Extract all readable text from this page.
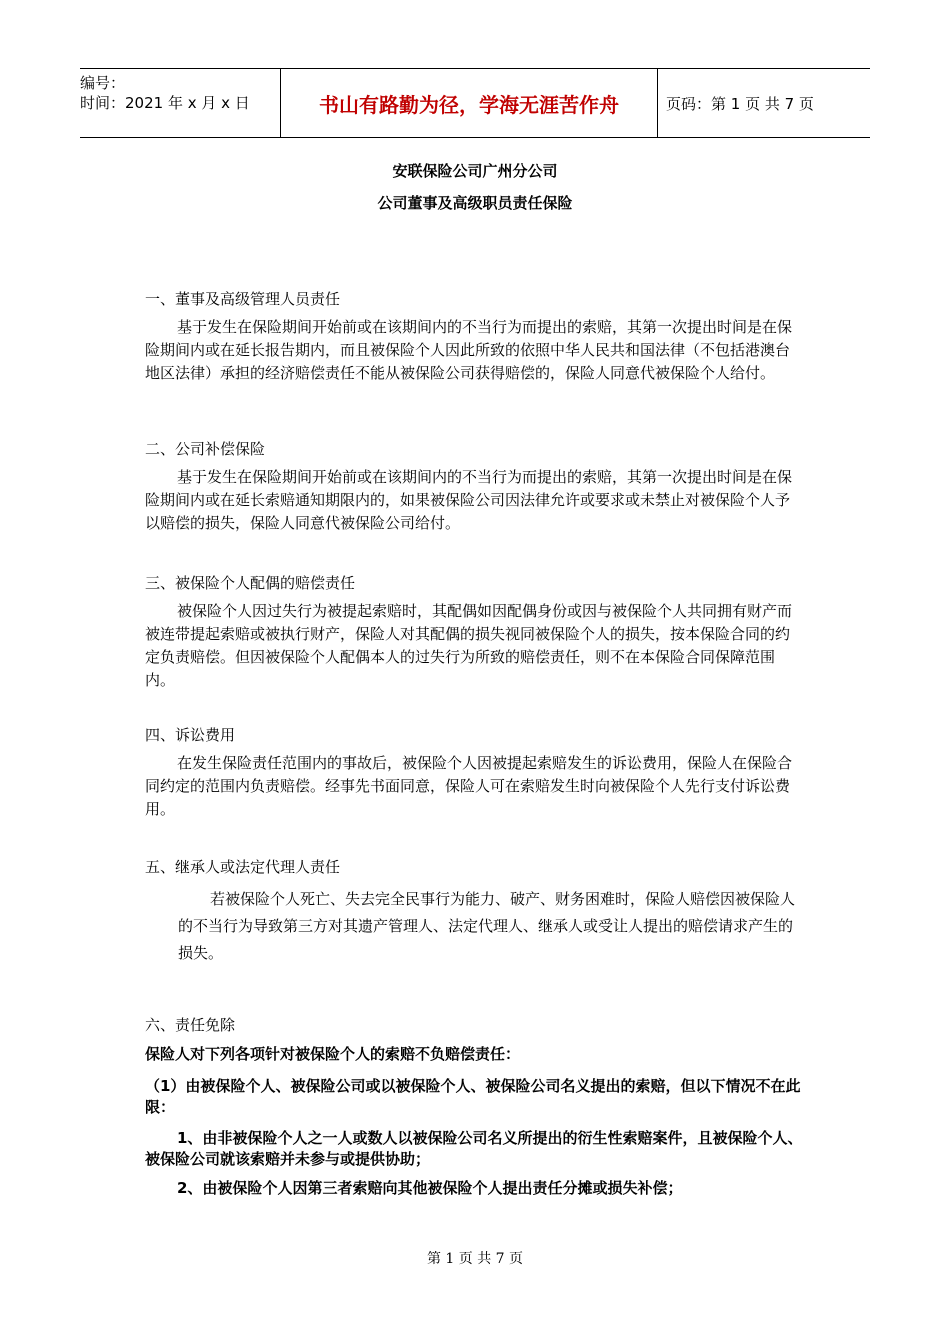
编号：
时间：2021 年 x 月 x 日	书山有路勤为径，学海无涯苦作舟	页码：第 1 页 共 7 页
安联保险公司广州分公司
公司董事及高级职员责任保险
一、董事及高级管理人员责任
基于发生在保险期间开始前或在该期间内的不当行为而提出的索赔，其第一次提出时间是在保险期间内或在延长报告期内，而且被保险个人因此所致的依照中华人民共和国法律（不包括港澳台地区法律）承担的经济赔偿责任不能从被保险公司获得赔偿的，保险人同意代被保险个人给付。
二、公司补偿保险
基于发生在保险期间开始前或在该期间内的不当行为而提出的索赔，其第一次提出时间是在保险期间内或在延长索赔通知期限内的，如果被保险公司因法律允许或要求或未禁止对被保险个人予以赔偿的损失，保险人同意代被保险公司给付。
三、被保险个人配偶的赔偿责任
被保险个人因过失行为被提起索赔时，其配偶如因配偶身份或因与被保险个人共同拥有财产而被连带提起索赔或被执行财产，保险人对其配偶的损失视同被保险个人的损失，按本保险合同的约定负责赔偿。但因被保险个人配偶本人的过失行为所致的赔偿责任，则不在本保险合同保障范围内。
四、诉讼费用
在发生保险责任范围内的事故后，被保险个人因被提起索赔发生的诉讼费用，保险人在保险合同约定的范围内负责赔偿。经事先书面同意，保险人可在索赔发生时向被保险个人先行支付诉讼费用。
五、继承人或法定代理人责任
若被保险个人死亡、失去完全民事行为能力、破产、财务困难时，保险人赔偿因被保险人的不当行为导致第三方对其遗产管理人、法定代理人、继承人或受让人提出的赔偿请求产生的损失。
六、责任免除
保险人对下列各项针对被保险个人的索赔不负赔偿责任：
（1）由被保险个人、被保险公司或以被保险个人、被保险公司名义提出的索赔，但以下情况不在此限：
1、由非被保险个人之一人或数人以被保险公司名义所提出的衍生性索赔案件，且被保险个人、被保险公司就该索赔并未参与或提供协助；
2、由被保险个人因第三者索赔向其他被保险个人提出责任分摊或损失补偿；
第 1 页 共 7 页
